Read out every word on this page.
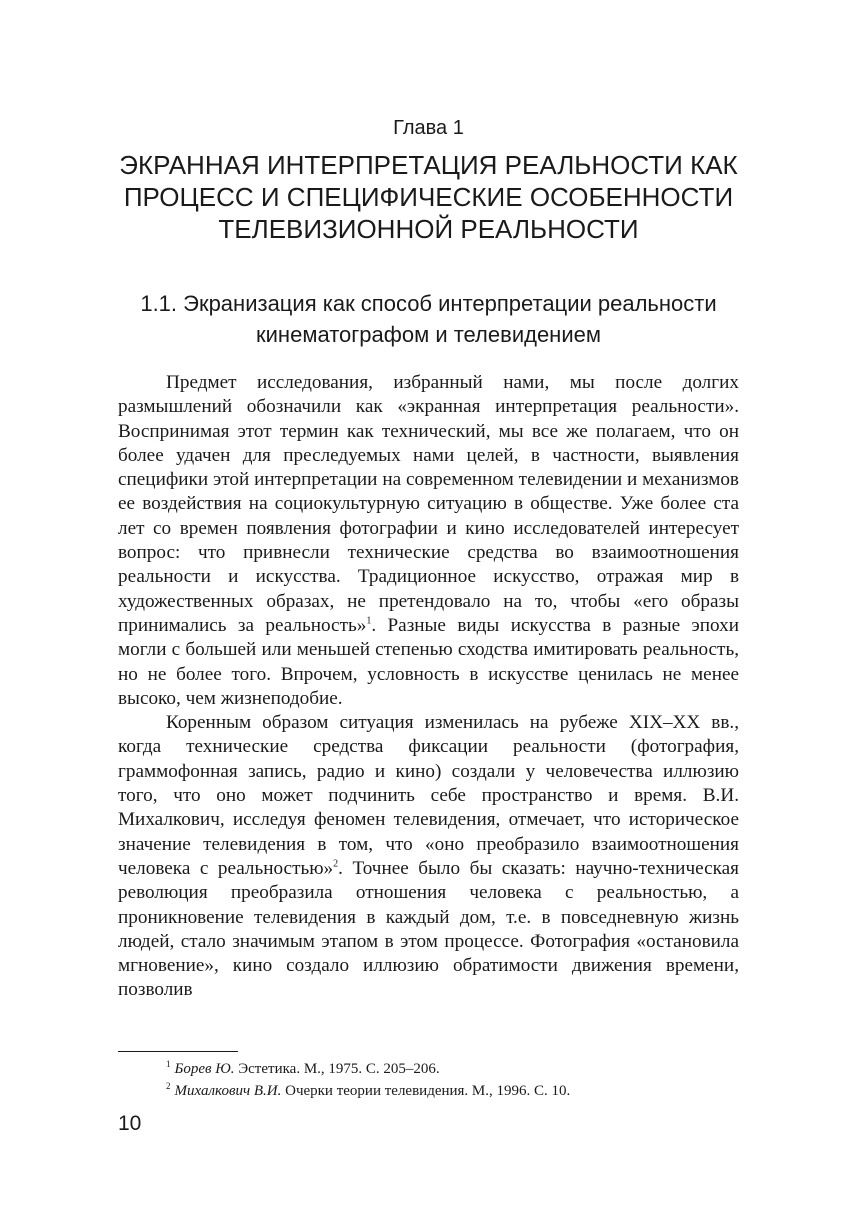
Глава 1
ЭКРАННАЯ ИНТЕРПРЕТАЦИЯ РЕАЛЬНОСТИ КАК
ПРОЦЕСС И СПЕЦИФИЧЕСКИЕ ОСОБЕННОСТИ
ТЕЛЕВИЗИОННОЙ РЕАЛЬНОСТИ
1.1. Экранизация как способ интерпретации реальности
кинематографом и телевидением

Предмет исследования, избранный нами, мы после долгих размышлений обозначили как «экранная интерпретация реальности». Воспринимая этот термин как технический, мы все же полагаем, что он более удачен для преследуемых нами целей, в частности, выявления специфики этой интерпретации на современном телевидении и механизмов ее воздействия на социокультурную ситуацию в обществе. Уже более ста лет со времен появления фотографии и кино исследователей интересует вопрос: что привнесли технические средства во взаимоотношения реальности и искусства. Традиционное искусство, отражая мир в художественных образах, не претендовало на то, чтобы «его образы принимались за реальность»$^1$. Разные виды искусства в разные эпохи могли с большей или меньшей степенью сходства имитировать реальность, но не более того. Впрочем, условность в искусстве ценилась не менее высоко, чем жизнеподобие.

Коренным образом ситуация изменилась на рубеже XIX–XX вв., когда технические средства фиксации реальности (фотография, граммофонная запись, радио и кино) создали у человечества иллюзию того, что оно может подчинить себе пространство и время. В.И. Михалкович, исследуя феномен телевидения, отмечает, что историческое значение телевидения в том, что «оно преобразило взаимоотношения человека с реальностью»$^2$. Точнее было бы сказать: научно-техническая революция преобразила отношения человека с реальностью, а проникновение телевидения в каждый дом, т.е. в повседневную жизнь людей, стало значимым этапом в этом процессе. Фотография «остановила мгновение», кино создало иллюзию обратимости движения времени, позволив

$^1$ Борев Ю. Эстетика. М., 1975. С. 205–206.
$^2$ Михалкович В.И. Очерки теории телевидения. М., 1996. С. 10.
10
